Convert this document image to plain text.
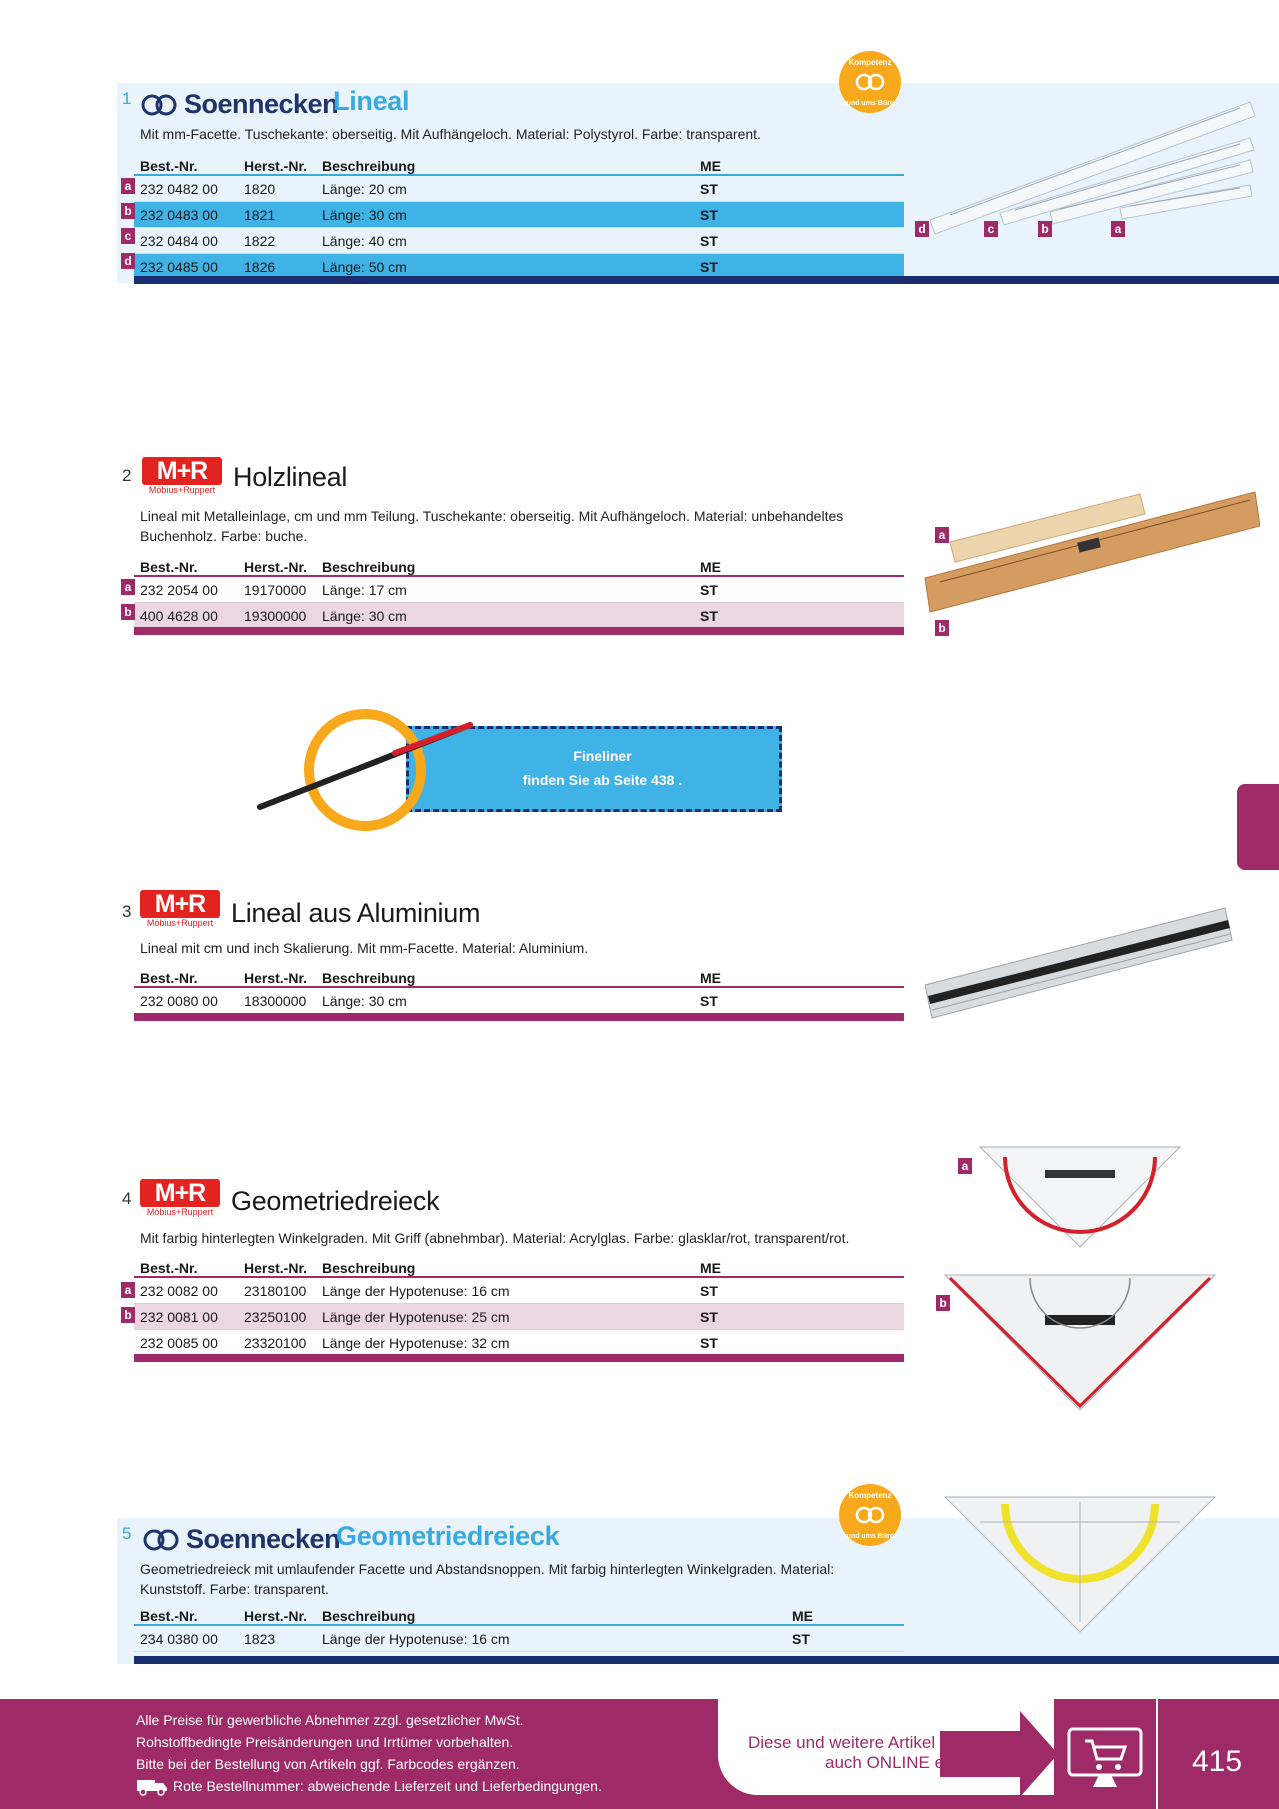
1 Soennecken
Lineal
Kompetenz
rund ums Büro.
Mit mm-Facette. Tuschekante: oberseitig. Mit Aufhängeloch. Material: Polystyrol. Farbe: transparent.
Best.-Nr.	Herst.-Nr.	Beschreibung	ME
232 0482 00	1820	Länge: 20 cm	ST
232 0483 00	1821	Länge: 30 cm	ST
232 0484 00	1822	Länge: 40 cm	ST
232 0485 00	1826	Länge: 50 cm	ST
a
b
c
d
d	c	b	a
2	M+R
Möbius+Ruppert Holzlineal
Lineal mit Metalleinlage, cm und mm Teilung. Tuschekante: oberseitig. Mit Aufhängeloch. Material: unbehandeltes Buchenholz. Farbe: buche.
Best.-Nr.	Herst.-Nr.	Beschreibung	ME
232 2054 00	19170000	Länge: 17 cm	ST
400 4628 00	19300000	Länge: 30 cm	ST
a
b
a
b
Fineliner
finden Sie ab Seite 438 .
3 M+R
Möbius+Ruppert Lineal aus Aluminium
Lineal mit cm und inch Skalierung. Mit mm-Facette. Material: Aluminium.
Best.-Nr.	Herst.-Nr.	Beschreibung	ME
232 0080 00	18300000	Länge: 30 cm	ST
4 M+R
Möbius+Ruppert Geometriedreieck
Mit farbig hinterlegten Winkelgraden. Mit Griff (abnehmbar). Material: Acrylglas. Farbe: glasklar/rot, transparent/rot.
Best.-Nr.	Herst.-Nr.	Beschreibung	ME
232 0082 00	23180100	Länge der Hypotenuse: 16 cm	ST
232 0081 00	23250100	Länge der Hypotenuse: 25 cm	ST
232 0085 00	23320100	Länge der Hypotenuse: 32 cm	ST
a
b
a
b
5 Soennecken
Geometriedreieck
Kompetenz
rund ums Büro.
Geometriedreieck mit umlaufender Facette und Abstandsnoppen. Mit farbig hinterlegten Winkelgraden. Material: Kunststoff. Farbe: transparent.
Best.-Nr.	Herst.-Nr.	Beschreibung	ME
234 0380 00	1823	Länge der Hypotenuse: 16 cm	ST
Alle Preise für gewerbliche Abnehmer zzgl. gesetzlicher MwSt.
Rohstoffbedingte Preisänderungen und Irrtümer vorbehalten.
Bitte bei der Bestellung von Artikeln ggf. Farbcodes ergänzen.
Rote Bestellnummer: abweichende Lieferzeit und Lieferbedingungen.
Diese und weitere Artikel
auch ONLINE erhältlich!	415
